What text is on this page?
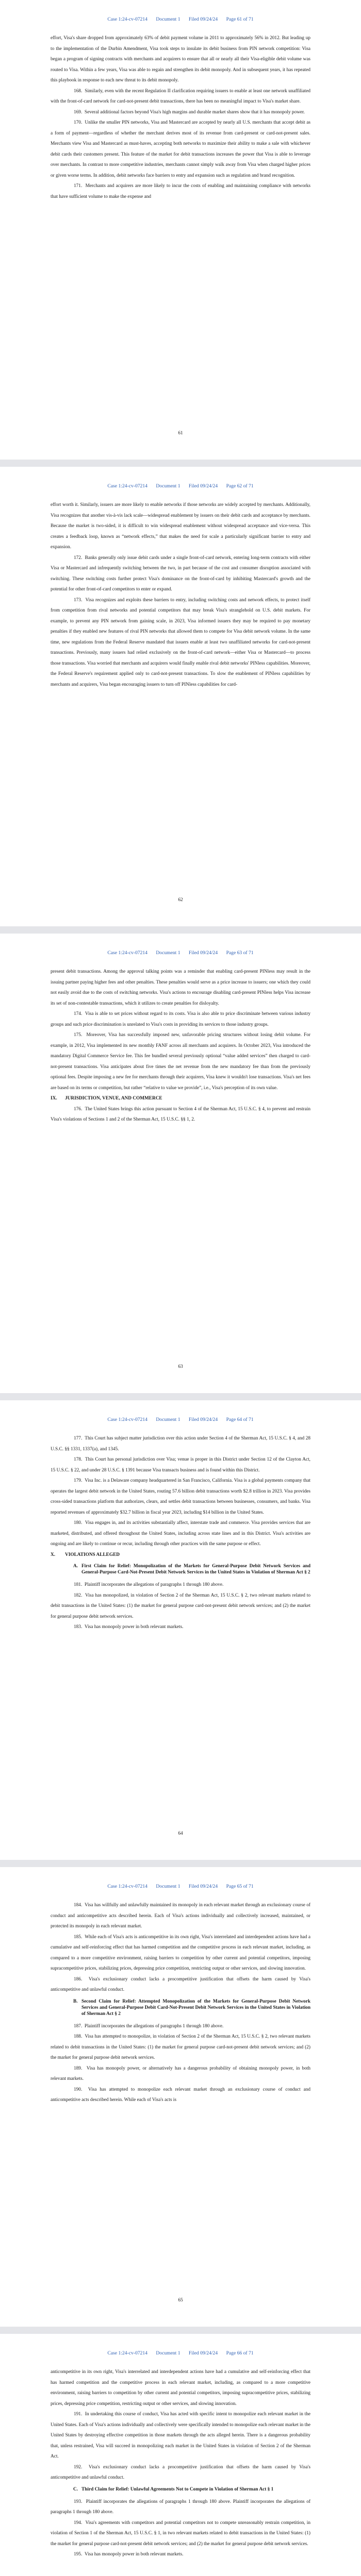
Case 1:24-cv-07214 Document 1 Filed 09/24/24 Page 61 of 71

effort, Visa's share dropped from approximately 63% of debit payment volume in 2011 to approximately 56% in 2012. But leading up to the implementation of the Durbin Amendment, Visa took steps to insulate its debit business from PIN network competition: Visa began a program of signing contracts with merchants and acquirers to ensure that all or nearly all their Visa-eligible debit volume was routed to Visa. Within a few years, Visa was able to regain and strengthen its debit monopoly. And in subsequent years, it has repeated this playbook in response to each new threat to its debit monopoly.

168.  Similarly, even with the recent Regulation II clarification requiring issuers to enable at least one network unaffiliated with the front-of-card network for card-not-present debit transactions, there has been no meaningful impact to Visa's market share.

169.  Several additional factors beyond Visa's high margins and durable market shares show that it has monopoly power.

170.  Unlike the smaller PIN networks, Visa and Mastercard are accepted by nearly all U.S. merchants that accept debit as a form of payment—regardless of whether the merchant derives most of its revenue from card-present or card-not-present sales. Merchants view Visa and Mastercard as must-haves, accepting both networks to maximize their ability to make a sale with whichever debit cards their customers present. This feature of the market for debit transactions increases the power that Visa is able to leverage over merchants. In contrast to more competitive industries, merchants cannot simply walk away from Visa when charged higher prices or given worse terms. In addition, debit networks face barriers to entry and expansion such as regulation and brand recognition.

171.  Merchants and acquirers are more likely to incur the costs of enabling and maintaining compliance with networks that have sufficient volume to make the expense and

61
Case 1:24-cv-07214 Document 1 Filed 09/24/24 Page 62 of 71

effort worth it. Similarly, issuers are more likely to enable networks if those networks are widely accepted by merchants. Additionally, Visa recognizes that another vis-à-vis lack scale—widespread enablement by issuers on their debit cards and acceptance by merchants. Because the market is two-sided, it is difficult to win widespread enablement without widespread acceptance and vice-versa. This creates a feedback loop, known as “network effects,” that makes the need for scale a particularly significant barrier to entry and expansion.

172.  Banks generally only issue debit cards under a single front-of-card network, entering long-term contracts with either Visa or Mastercard and infrequently switching between the two, in part because of the cost and consumer disruption associated with switching. These switching costs further protect Visa's dominance on the front-of-card by inhibiting Mastercard's growth and the potential for other front-of-card competitors to enter or expand.

173.  Visa recognizes and exploits these barriers to entry, including switching costs and network effects, to protect itself from competition from rival networks and potential competitors that may break Visa's stranglehold on U.S. debit markets. For example, to prevent any PIN network from gaining scale, in 2023, Visa informed issuers they may be required to pay monetary penalties if they enabled new features of rival PIN networks that allowed them to compete for Visa debit network volume. In the same time, new regulations from the Federal Reserve mandated that issuers enable at least two unaffiliated networks for card-not-present transactions. Previously, many issuers had relied exclusively on the front-of-card network—either Visa or Mastercard—to process those transactions. Visa worried that merchants and acquirers would finally enable rival debit networks' PINless capabilities. Moreover, the Federal Reserve's requirement applied only to card-not-present transactions. To slow the enablement of PINless capabilities by merchants and acquirers, Visa began encouraging issuers to turn off PINless capabilities for card-

62
Case 1:24-cv-07214 Document 1 Filed 09/24/24 Page 63 of 71

present debit transactions. Among the approval talking points was a reminder that enabling card-present PINless may result in the issuing partner paying higher fees and other penalties. These penalties would serve as a price increase to issuers; one which they could not easily avoid due to the costs of switching networks. Visa's actions to encourage disabling card-present PINless helps Visa increase its set of non-contestable transactions, which it utilizes to create penalties for disloyalty.

174.  Visa is able to set prices without regard to its costs. Visa is also able to price discriminate between various industry groups and such price discrimination is unrelated to Visa's costs in providing its services to those industry groups.

175.  Moreover, Visa has successfully imposed new, unfavorable pricing structures without losing debit volume. For example, in 2012, Visa implemented its new monthly FANF across all merchants and acquirers. In October 2023, Visa introduced the mandatory Digital Commerce Service fee. This fee bundled several previously optional “value added services” then charged to card-not-present transactions. Visa anticipates about five times the net revenue from the new mandatory fee than from the previously optional fees. Despite imposing a new fee for merchants through their acquirers, Visa knew it wouldn't lose transactions. Visa's net fees are based on its terms or competition, but rather “relative to value we provide”, i.e., Visa's perception of its own value.

IX. JURISDICTION, VENUE, AND COMMERCE

176.  The United States brings this action pursuant to Section 4 of the Sherman Act, 15 U.S.C. § 4, to prevent and restrain Visa's violations of Sections 1 and 2 of the Sherman Act, 15 U.S.C. §§ 1, 2.

63
Case 1:24-cv-07214 Document 1 Filed 09/24/24 Page 64 of 71

177.  This Court has subject matter jurisdiction over this action under Section 4 of the Sherman Act, 15 U.S.C. § 4, and 28 U.S.C. §§ 1331, 1337(a), and 1345.

178.  This Court has personal jurisdiction over Visa; venue is proper in this District under Section 12 of the Clayton Act, 15 U.S.C. § 22, and under 28 U.S.C. § 1391 because Visa transacts business and is found within this District.

179.  Visa Inc. is a Delaware company headquartered in San Francisco, California. Visa is a global payments company that operates the largest debit network in the United States, routing 57.6 billion debit transactions worth $2.8 trillion in 2023. Visa provides cross-sided transactions platform that authorizes, clears, and settles debit transactions between businesses, consumers, and banks. Visa reported revenues of approximately $32.7 billion in fiscal year 2023, including $14 billion in the United States.

180.  Visa engages in, and its activities substantially affect, interstate trade and commerce. Visa provides services that are marketed, distributed, and offered throughout the United States, including across state lines and in this District. Visa's activities are ongoing and are likely to continue or recur, including through other practices with the same purpose or effect.

X. VIOLATIONS ALLEGED

A. First Claim for Relief: Monopolization of the Markets for General-Purpose Debit Network Services and General-Purpose Card-Not-Present Debit Network Services in the United States in Violation of Sherman Act § 2

181.  Plaintiff incorporates the allegations of paragraphs 1 through 180 above.

182.  Visa has monopolized, in violation of Section 2 of the Sherman Act, 15 U.S.C. § 2, two relevant markets related to debit transactions in the United States: (1) the market for general purpose card-not-present debit network services; and (2) the market for general purpose debit network services.

183.  Visa has monopoly power in both relevant markets.

64
Case 1:24-cv-07214 Document 1 Filed 09/24/24 Page 65 of 71

184.  Visa has willfully and unlawfully maintained its monopoly in each relevant market through an exclusionary course of conduct and anticompetitive acts described herein. Each of Visa's actions individually and collectively increased, maintained, or protected its monopoly in each relevant market.

185.  While each of Visa's acts is anticompetitive in its own right, Visa's interrelated and interdependent actions have had a cumulative and self-reinforcing effect that has harmed competition and the competitive process in each relevant market, including, as compared to a more competitive environment, raising barriers to competition by other current and potential competitors, imposing supracompetitive prices, stabilizing prices, depressing price competition, restricting output or other services, and slowing innovation.

186.  Visa's exclusionary conduct lacks a procompetitive justification that offsets the harm caused by Visa's anticompetitive and unlawful conduct.

B. Second Claim for Relief: Attempted Monopolization of the Markets for General-Purpose Debit Network Services and General-Purpose Debit Card-Not-Present Debit Network Services in the United States in Violation of Sherman Act § 2

187.  Plaintiff incorporates the allegations of paragraphs 1 through 180 above.

188.  Visa has attempted to monopolize, in violation of Section 2 of the Sherman Act, 15 U.S.C. § 2, two relevant markets related to debit transactions in the United States: (1) the market for general purpose card-not-present debit network services; and (2) the market for general purpose debit network services.

189.  Visa has monopoly power, or alternatively has a dangerous probability of obtaining monopoly power, in both relevant markets.

190.  Visa has attempted to monopolize each relevant market through an exclusionary course of conduct and anticompetitive acts described herein. While each of Visa's acts is

65
Case 1:24-cv-07214 Document 1 Filed 09/24/24 Page 66 of 71

anticompetitive in its own right, Visa's interrelated and interdependent actions have had a cumulative and self-reinforcing effect that has harmed competition and the competitive process in each relevant market, including, as compared to a more competitive environment, raising barriers to competition by other current and potential competitors, imposing supracompetitive prices, stabilizing prices, depressing price competition, restricting output or other services, and slowing innovation.

191.  In undertaking this course of conduct, Visa has acted with specific intent to monopolize each relevant market in the United States. Each of Visa's actions individually and collectively were specifically intended to monopolize each relevant market in the United States by destroying effective competition in those markets through the acts alleged herein. There is a dangerous probability that, unless restrained, Visa will succeed in monopolizing each market in the United States in violation of Section 2 of the Sherman Act.

192.  Visa's exclusionary conduct lacks a procompetitive justification that offsets the harm caused by Visa's anticompetitive and unlawful conduct.

C. Third Claim for Relief: Unlawful Agreements Not to Compete in Violation of Sherman Act § 1

193.  Plaintiff incorporates the allegations of paragraphs 1 through 180 above. Plaintiff incorporates the allegations of paragraphs 1 through 180 above.

194.  Visa's agreements with competitors and potential competitors not to compete unreasonably restrain competition, in violation of Section 1 of the Sherman Act, 15 U.S.C. § 1, in two relevant markets related to debit transactions in the United States: (1) the market for general purpose card-not-present debit network services; and (2) the market for general purpose debit network services.

195.  Visa has monopoly power in both relevant markets.
